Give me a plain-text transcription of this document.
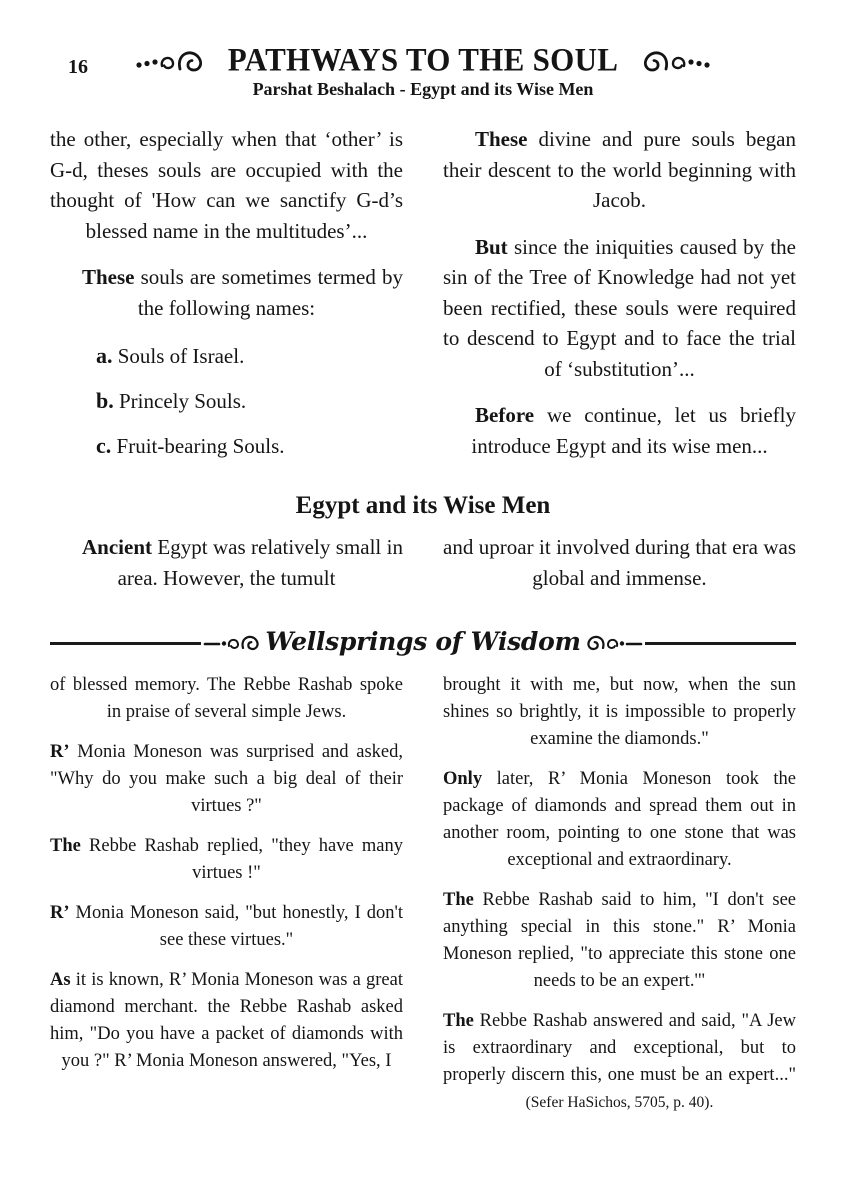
16	PATHWAYS TO THE SOUL
Parshat Beshalach - Egypt and its Wise Men

the other, especially when that ‘other’ is G-d, theses souls are occupied with the thought of 'How can we sanctify G-d’s blessed name in the multitudes’...

These souls are sometimes termed by the following names:

a. Souls of Israel.
b. Princely Souls.
c. Fruit-bearing Souls.

These divine and pure souls began their descent to the world beginning with Jacob.

But since the iniquities caused by the sin of the Tree of Knowledge had not yet been rectified, these souls were required to descend to Egypt and to face the trial of ‘substitution’...

Before we continue, let us briefly introduce Egypt and its wise men...

Egypt and its Wise Men

Ancient Egypt was relatively small in area. However, the tumult

and uproar it involved during that era was global and immense.

Wellsprings of Wisdom

of blessed memory. The Rebbe Rashab spoke in praise of several simple Jews.

R’ Monia Moneson was surprised and asked, "Why do you make such a big deal of their virtues ?"

The Rebbe Rashab replied, "they have many virtues !"

R’ Monia Moneson said, "but honestly, I don't see these virtues."

As it is known, R’ Monia Moneson was a great diamond merchant. the Rebbe Rashab asked him, "Do you have a packet of diamonds with you ?" R’ Monia Moneson answered, "Yes, I

brought it with me, but now, when the sun shines so brightly, it is impossible to properly examine the diamonds."

Only later, R’ Monia Moneson took the package of diamonds and spread them out in another room, pointing to one stone that was exceptional and extraordinary.

The Rebbe Rashab said to him, "I don't see anything special in this stone." R’ Monia Moneson replied, "to appreciate this stone one needs to be an expert.'"

The Rebbe Rashab answered and said, "A Jew is extraordinary and exceptional, but to properly discern this, one must be an expert..." (Sefer HaSichos, 5705, p. 40).
